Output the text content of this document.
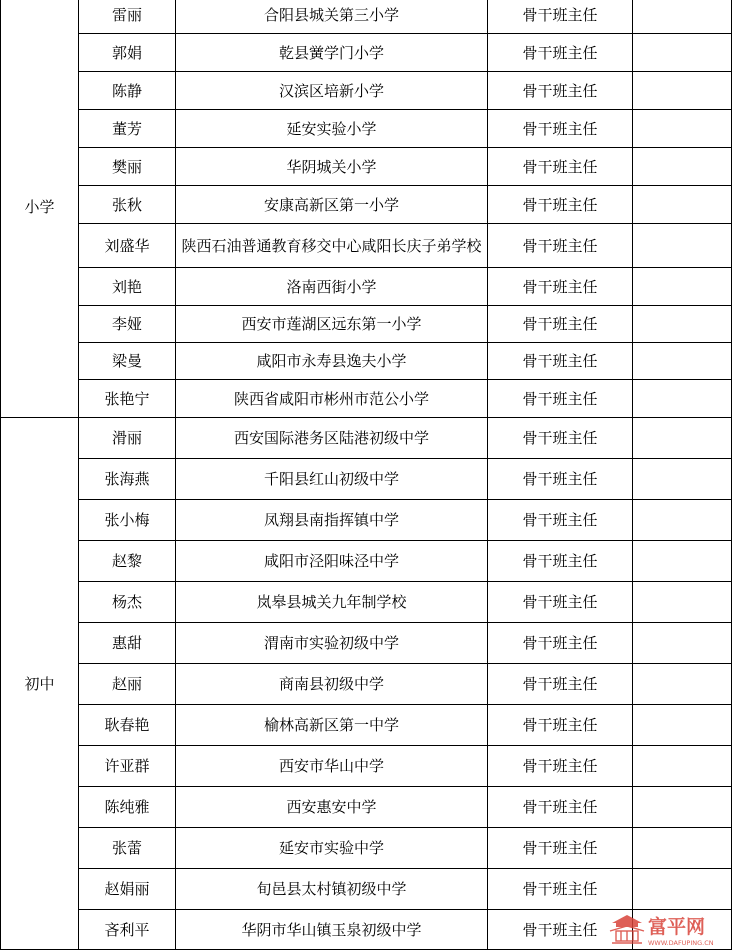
小学	雷丽	合阳县城关第三小学	骨干班主任	
	郭娟	乾县黉学门小学	骨干班主任	
	陈静	汉滨区培新小学	骨干班主任	
	董芳	延安实验小学	骨干班主任	
	樊丽	华阴城关小学	骨干班主任	
	张秋	安康高新区第一小学	骨干班主任	
	刘盛华	陕西石油普通教育移交中心咸阳长庆子弟学校	骨干班主任	
	刘艳	洛南西街小学	骨干班主任	
	李娅	西安市莲湖区远东第一小学	骨干班主任	
	梁曼	咸阳市永寿县逸夫小学	骨干班主任	
	张艳宁	陕西省咸阳市彬州市范公小学	骨干班主任	
初中	滑丽	西安国际港务区陆港初级中学	骨干班主任	
	张海燕	千阳县红山初级中学	骨干班主任	
	张小梅	凤翔县南指挥镇中学	骨干班主任	
	赵黎	咸阳市泾阳味泾中学	骨干班主任	
	杨杰	岚皋县城关九年制学校	骨干班主任	
	惠甜	渭南市实验初级中学	骨干班主任	
	赵丽	商南县初级中学	骨干班主任	
	耿春艳	榆林高新区第一中学	骨干班主任	
	许亚群	西安市华山中学	骨干班主任	
	陈纯雅	西安惠安中学	骨干班主任	
	张蕾	延安市实验中学	骨干班主任	
	赵娟丽	旬邑县太村镇初级中学	骨干班主任	
	吝利平	华阴市华山镇玉泉初级中学	骨干班主任		富平网
WWW.DAFUPING.CN
